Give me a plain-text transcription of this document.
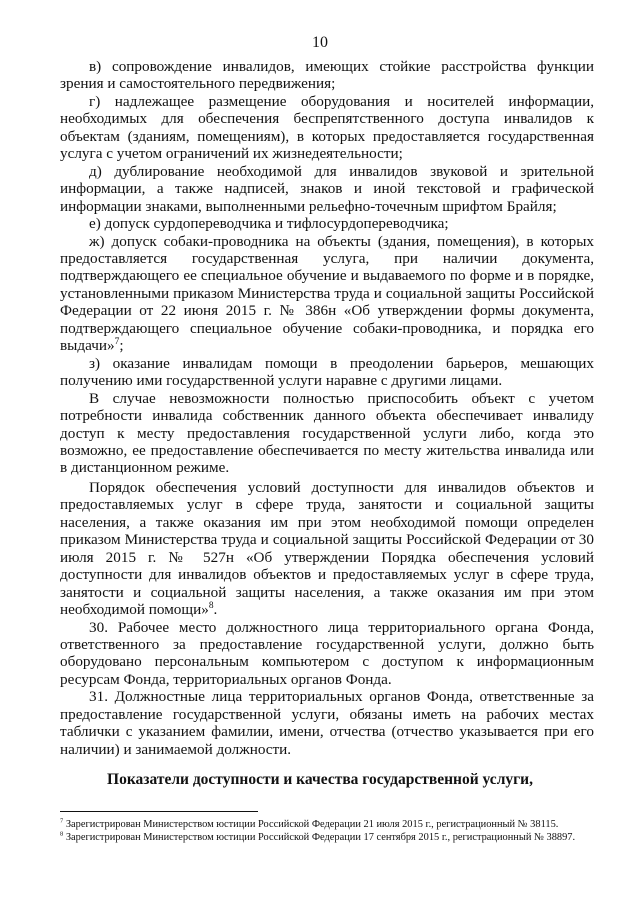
10

в) сопровождение инвалидов, имеющих стойкие расстройства функции зрения и самостоятельного передвижения;

г) надлежащее размещение оборудования и носителей информации, необходимых для обеспечения беспрепятственного доступа инвалидов к объектам (зданиям, помещениям), в которых предоставляется государственная услуга с учетом ограничений их жизнедеятельности;

д) дублирование необходимой для инвалидов звуковой и зрительной информации, а также надписей, знаков и иной текстовой и графической информации знаками, выполненными рельефно-точечным шрифтом Брайля;

е) допуск сурдопереводчика и тифлосурдопереводчика;

ж) допуск собаки-проводника на объекты (здания, помещения), в которых предоставляется государственная услуга, при наличии документа, подтверждающего ее специальное обучение и выдаваемого по форме и в порядке, установленными приказом Министерства труда и социальной защиты Российской Федерации от 22 июня 2015 г. № 386н «Об утверждении формы документа, подтверждающего специальное обучение собаки-проводника, и порядка его выдачи»$^7$;

з) оказание инвалидам помощи в преодолении барьеров, мешающих получению ими государственной услуги наравне с другими лицами.

В случае невозможности полностью приспособить объект с учетом потребности инвалида собственник данного объекта обеспечивает инвалиду доступ к месту предоставления государственной услуги либо, когда это возможно, ее предоставление обеспечивается по месту жительства инвалида или в дистанционном режиме.

Порядок обеспечения условий доступности для инвалидов объектов и предоставляемых услуг в сфере труда, занятости и социальной защиты населения, а также оказания им при этом необходимой помощи определен приказом Министерства труда и социальной защиты Российской Федерации от 30 июля 2015 г. № 527н «Об утверждении Порядка обеспечения условий доступности для инвалидов объектов и предоставляемых услуг в сфере труда, занятости и социальной защиты населения, а также оказания им при этом необходимой помощи»$^8$.

30. Рабочее место должностного лица территориального органа Фонда, ответственного за предоставление государственной услуги, должно быть оборудовано персональным компьютером с доступом к информационным ресурсам Фонда, территориальных органов Фонда.

31. Должностные лица территориальных органов Фонда, ответственные за предоставление государственной услуги, обязаны иметь на рабочих местах таблички с указанием фамилии, имени, отчества (отчество указывается при его наличии) и занимаемой должности.

Показатели доступности и качества государственной услуги,

$^7$ Зарегистрирован Министерством юстиции Российской Федерации 21 июля 2015 г., регистрационный № 38115.

$^8$ Зарегистрирован Министерством юстиции Российской Федерации 17 сентября 2015 г., регистрационный № 38897.
